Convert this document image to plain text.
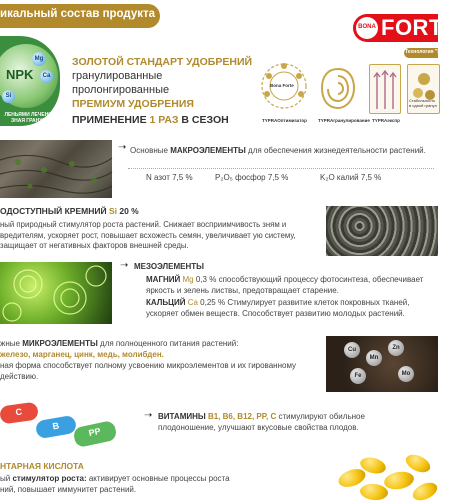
икальный состав продукта
BONA FORTE
NPK
Mg
Ca
Si
ЛЕНЬЯМИ ЛЕЧЕНИЯ
ЗНАЯ ГРАНУЛЕ
ЗОЛОТОЙ СТАНДАРТ УДОБРЕНИЙ
гранулированные
пролонгированные
ПРЕМИУМ УДОБРЕНИЯ
ПРИМЕНЕНИЕ 1 РАЗ В СЕЗОН
Технология "SIN
Bona Forte
TYPRAОптимизатор TYPRAгранулирование TYPRAэкспр
Стабильность в одной гранул
Основные МАКРОЭЛЕМЕНТЫ для обеспечения жизнедеятельности растений.
➝
N азот 7,5 %	P₂O₅ фосфор 7,5 %	K₂O калий 7,5 %
ОДОСТУПНЫЙ КРЕМНИЙ Si 20 %
ный природный стимулятор роста растений. Снижает восприимчивость зням и вредителям, ускоряет рост, повышает всхожесть семян, увеличивает ую систему, защищает от негативных факторов внешней среды.
➝ МЕЗОЭЛЕМЕНТЫ
МАГНИЙ Mg 0,3 % способствующий процессу фотосинтеза, обеспечивает яркость и зелень листвы, предотвращает старение.
КАЛЬЦИЙ Ca 0,25 % Стимулирует развитие клеток покровных тканей, ускоряет обмен веществ. Способствует развитию молодых растений.
жные МИКРОЭЛЕМЕНТЫ для полноценного питания растений:
железо, марганец, цинк, медь, молибден.
ная форма способствует полному усвоению микроэлементов и их гированному действию.
Cu
Mn
Zn
Fe	Mo
C
B	PP
➝ ВИТАМИНЫ B1, B6, B12, PP, C стимулируют обильное
плодоношение, улучшают вкусовые свойства плодов.
НТАРНАЯ КИСЛОТА
ый стимулятор роста: активирует основные процессы роста
ний, повышает иммунитет растений.
